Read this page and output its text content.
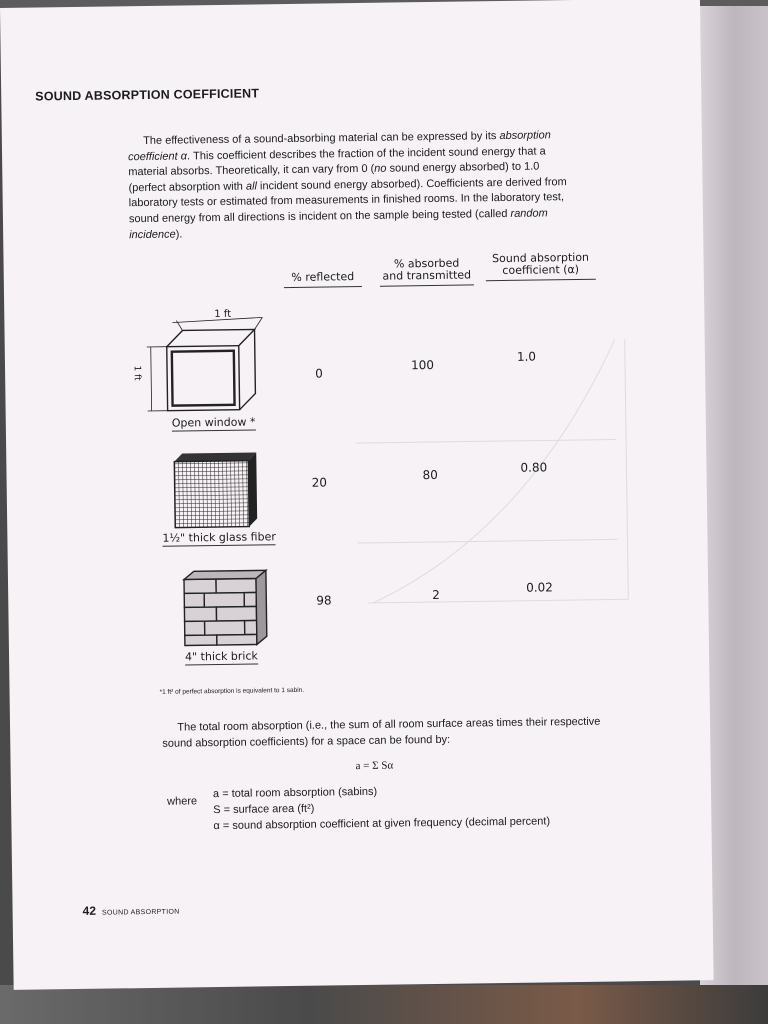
SOUND ABSORPTION COEFFICIENT
The effectiveness of a sound-absorbing material can be expressed by its absorption coefficient α. This coefficient describes the fraction of the incident sound energy that a material absorbs. Theoretically, it can vary from 0 (no sound energy absorbed) to 1.0 (perfect absorption with all incident sound energy absorbed). Coefficients are derived from laboratory tests or estimated from measurements in finished rooms. In the laboratory test, sound energy from all directions is incident on the sample being tested (called random incidence).
% reflected
% absorbed
and transmitted
Sound absorption
coefficient (α)
1 ft
1 ft
Open window *
0
100
1.0
1½" thick glass fiber
20
80
0.80
4" thick brick
98	2
0.02
*1 ft² of perfect absorption is equivalent to 1 sabin.
The total room absorption (i.e., the sum of all room surface areas times their respective sound absorption coefficients) for a space can be found by:
a = Σ Sα
where
a = total room absorption (sabins)
S = surface area (ft²)
α = sound absorption coefficient at given frequency (decimal percent)
42 SOUND ABSORPTION
